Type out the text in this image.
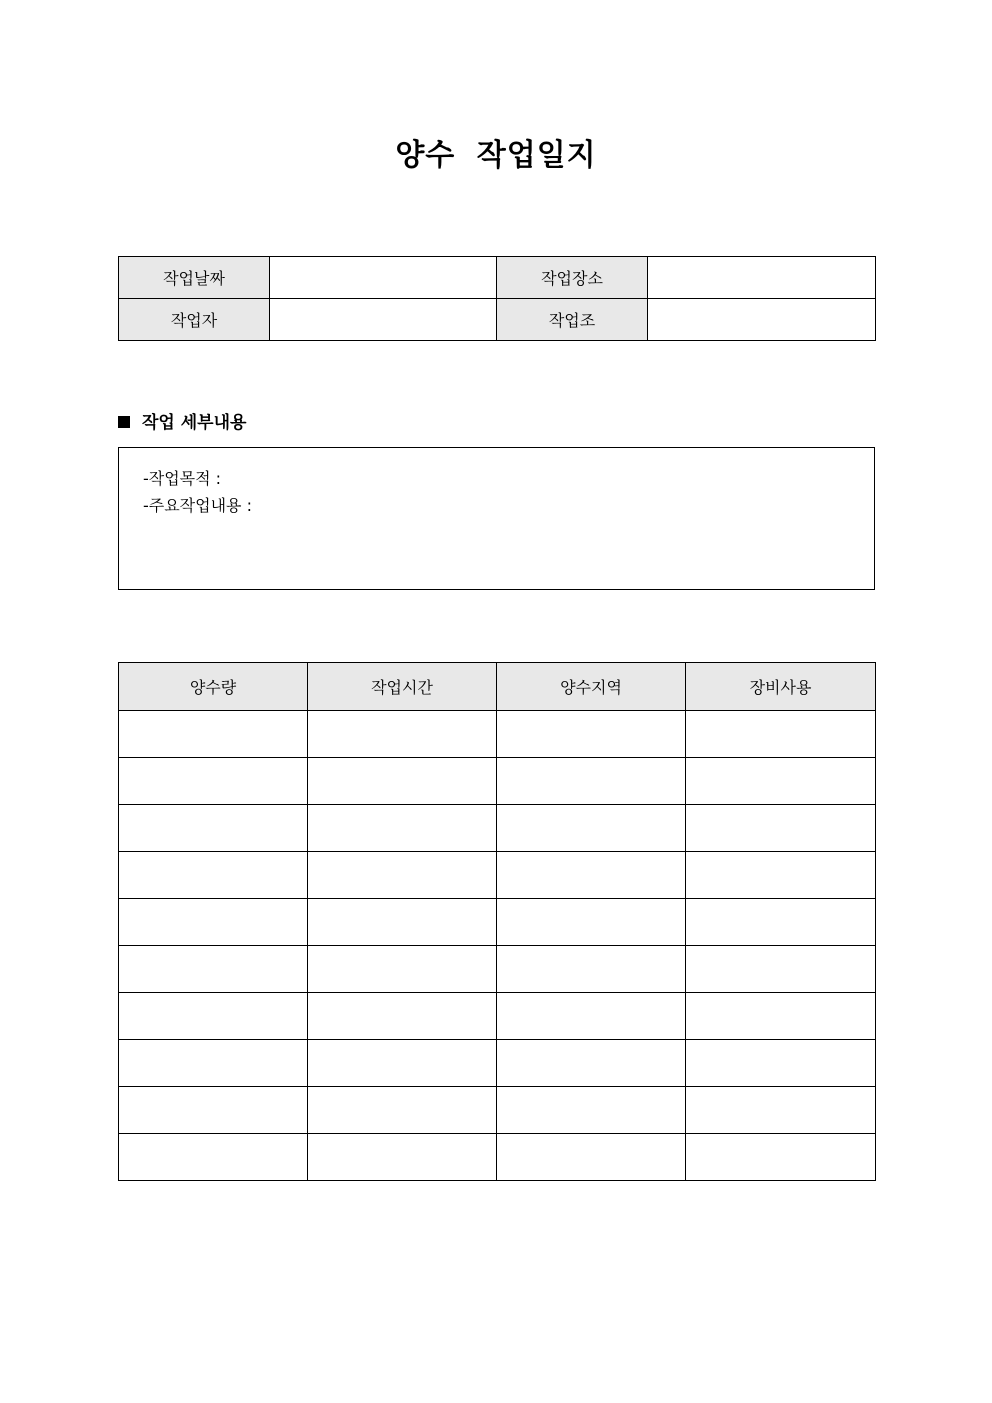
양수 작업일지
작업날짜		작업장소	
작업자		작업조	
작업 세부내용
-작업목적 :
-주요작업내용 :
양수량	작업시간	양수지역	장비사용
